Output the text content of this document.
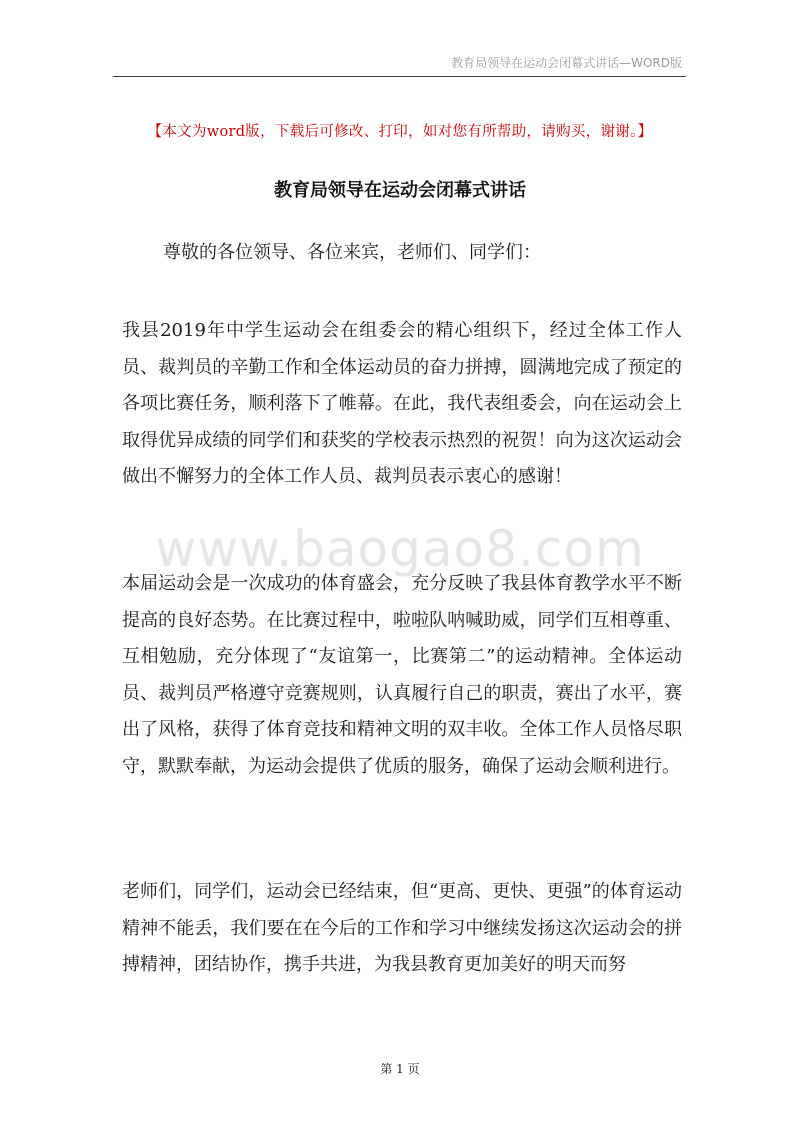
教育局领导在运动会闭幕式讲话—WORD版
www.baogao8.com
【本文为word版，下载后可修改、打印，如对您有所帮助，请购买，谢谢。】
教育局领导在运动会闭幕式讲话
尊敬的各位领导、各位来宾，老师们、同学们：
我县2019年中学生运动会在组委会的精心组织下，经过全体工作人员、裁判员的辛勤工作和全体运动员的奋力拼搏，圆满地完成了预定的各项比赛任务，顺利落下了帷幕。在此，我代表组委会，向在运动会上取得优异成绩的同学们和获奖的学校表示热烈的祝贺！向为这次运动会做出不懈努力的全体工作人员、裁判员表示衷心的感谢！
本届运动会是一次成功的体育盛会，充分反映了我县体育教学水平不断提高的良好态势。在比赛过程中，啦啦队呐喊助威，同学们互相尊重、互相勉励，充分体现了“友谊第一，比赛第二”的运动精神。全体运动员、裁判员严格遵守竞赛规则，认真履行自己的职责，赛出了水平，赛出了风格，获得了体育竞技和精神文明的双丰收。全体工作人员恪尽职守，默默奉献，为运动会提供了优质的服务，确保了运动会顺利进行。
老师们，同学们，运动会已经结束，但“更高、更快、更强”的体育运动精神不能丢，我们要在在今后的工作和学习中继续发扬这次运动会的拼搏精神，团结协作，携手共进，为我县教育更加美好的明天而努
第 1 页
